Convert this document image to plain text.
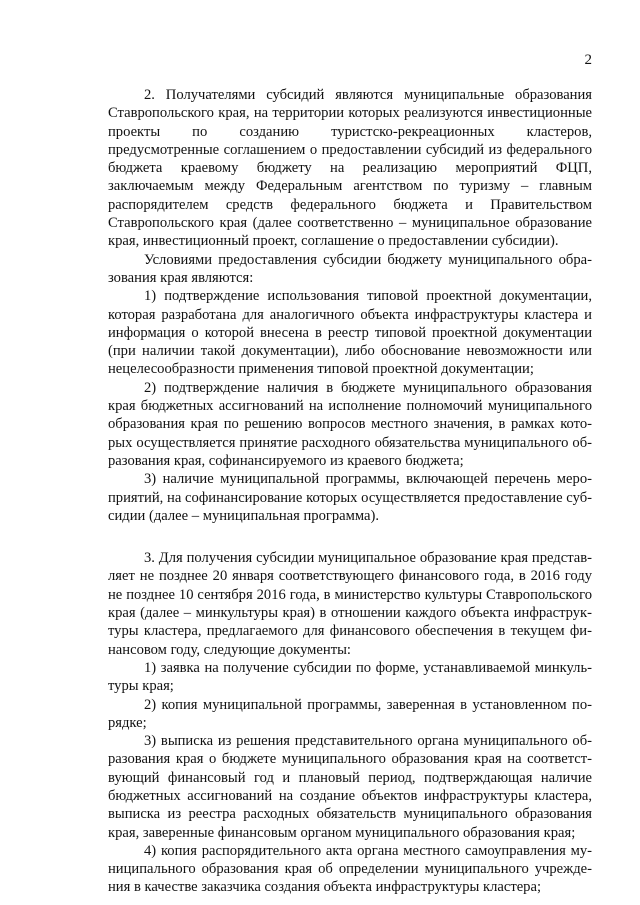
2

2. Получателями субсидий являются муниципальные образования Ставропольского края, на территории которых реализуются инвестиционные проекты по созданию туристско-рекреационных кластеров, предусмотренные соглашением о предоставлении субсидий из федерального бюджета краевому бюджету на реализацию мероприятий ФЦП, заключаемым между Федеральным агентством по туризму – главным распорядителем средств федерального бюджета и Правительством Ставропольского края (далее соответственно – муниципальное образование края, инвестиционный проект, соглашение о предоставлении субсидии).

Условиями предоставления субсидии бюджету муниципального образования края являются:

1) подтверждение использования типовой проектной документации, которая разработана для аналогичного объекта инфраструктуры кластера и информация о которой внесена в реестр типовой проектной документации (при наличии такой документации), либо обоснование невозможности или нецелесообразности применения типовой проектной документации;

2) подтверждение наличия в бюджете муниципального образования края бюджетных ассигнований на исполнение полномочий муниципального образования края по решению вопросов местного значения, в рамках которых осуществляется принятие расходного обязательства муниципального образования края, софинансируемого из краевого бюджета;

3) наличие муниципальной программы, включающей перечень мероприятий, на софинансирование которых осуществляется предоставление субсидии (далее – муниципальная программа).

3. Для получения субсидии муниципальное образование края представляет не позднее 20 января соответствующего финансового года, в 2016 году не позднее 10 сентября 2016 года, в министерство культуры Ставропольского края (далее – минкультуры края) в отношении каждого объекта инфраструктуры кластера, предлагаемого для финансового обеспечения в текущем финансовом году, следующие документы:

1) заявка на получение субсидии по форме, устанавливаемой минкультуры края;

2) копия муниципальной программы, заверенная в установленном порядке;

3) выписка из решения представительного органа муниципального образования края о бюджете муниципального образования края на соответствующий финансовый год и плановый период, подтверждающая наличие бюджетных ассигнований на создание объектов инфраструктуры кластера, выписка из реестра расходных обязательств муниципального образования края, заверенные финансовым органом муниципального образования края;

4) копия распорядительного акта органа местного самоуправления муниципального образования края об определении муниципального учреждения в качестве заказчика создания объекта инфраструктуры кластера;
